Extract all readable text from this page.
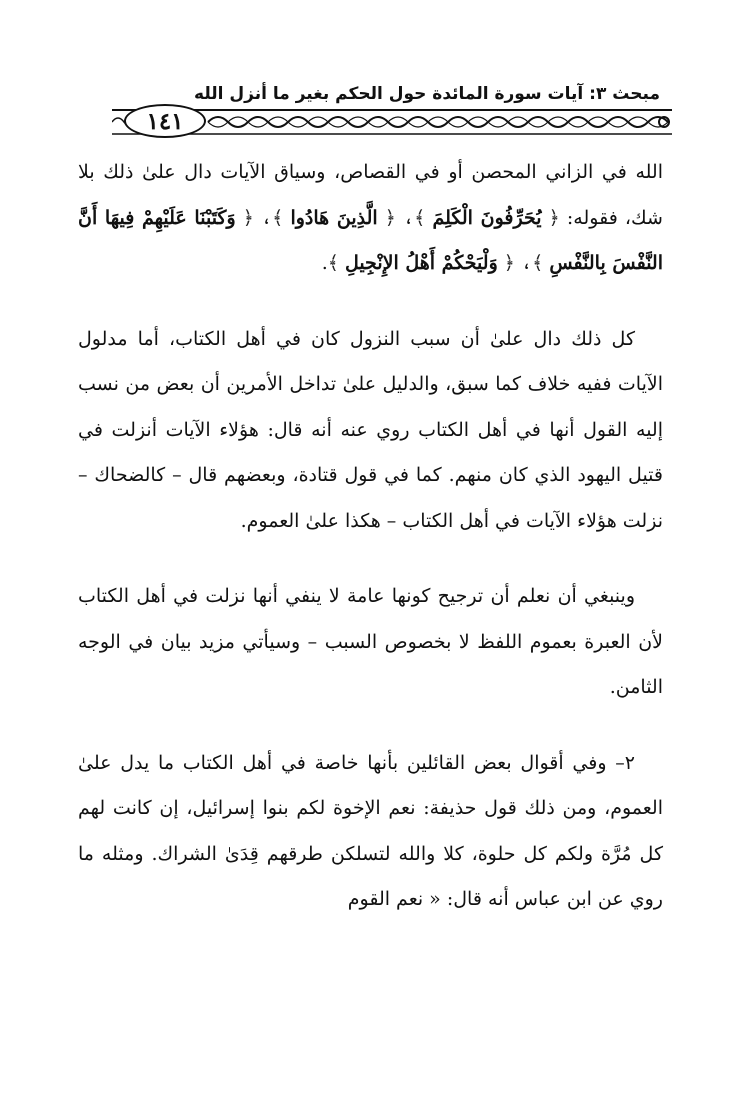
مبحث ٣: آيات سورة المائدة حول الحكم بغير ما أنزل الله
١٤١

الله في الزاني المحصن أو في القصاص، وسياق الآيات دال علىٰ ذلك بلا شك، فقوله: ﴿ يُحَرِّفُونَ الْكَلِمَ ﴾، ﴿ الَّذِينَ هَادُوا ﴾، ﴿ وَكَتَبْنَا عَلَيْهِمْ فِيهَا أَنَّ النَّفْسَ بِالنَّفْسِ ﴾، ﴿ وَلْيَحْكُمْ أَهْلُ الإِنْجِيلِ ﴾.

كل ذلك دال علىٰ أن سبب النزول كان في أهل الكتاب، أما مدلول الآيات ففيه خلاف كما سبق، والدليل علىٰ تداخل الأمرين أن بعض من نسب إليه القول أنها في أهل الكتاب روي عنه أنه قال: هؤلاء الآيات أنزلت في قتيل اليهود الذي كان منهم. كما في قول قتادة، وبعضهم قال – كالضحاك – نزلت هؤلاء الآيات في أهل الكتاب – هكذا علىٰ العموم.

وينبغي أن نعلم أن ترجيح كونها عامة لا ينفي أنها نزلت في أهل الكتاب لأن العبرة بعموم اللفظ لا بخصوص السبب – وسيأتي مزيد بيان في الوجه الثامن.

٢– وفي أقوال بعض القائلين بأنها خاصة في أهل الكتاب ما يدل علىٰ العموم، ومن ذلك قول حذيفة: نعم الإخوة لكم بنوا إسرائيل، إن كانت لهم كل مُرَّة ولكم كل حلوة، كلا والله لتسلكن طرقهم قِدَىٰ الشراك. ومثله ما روي عن ابن عباس أنه قال: « نعم القوم
